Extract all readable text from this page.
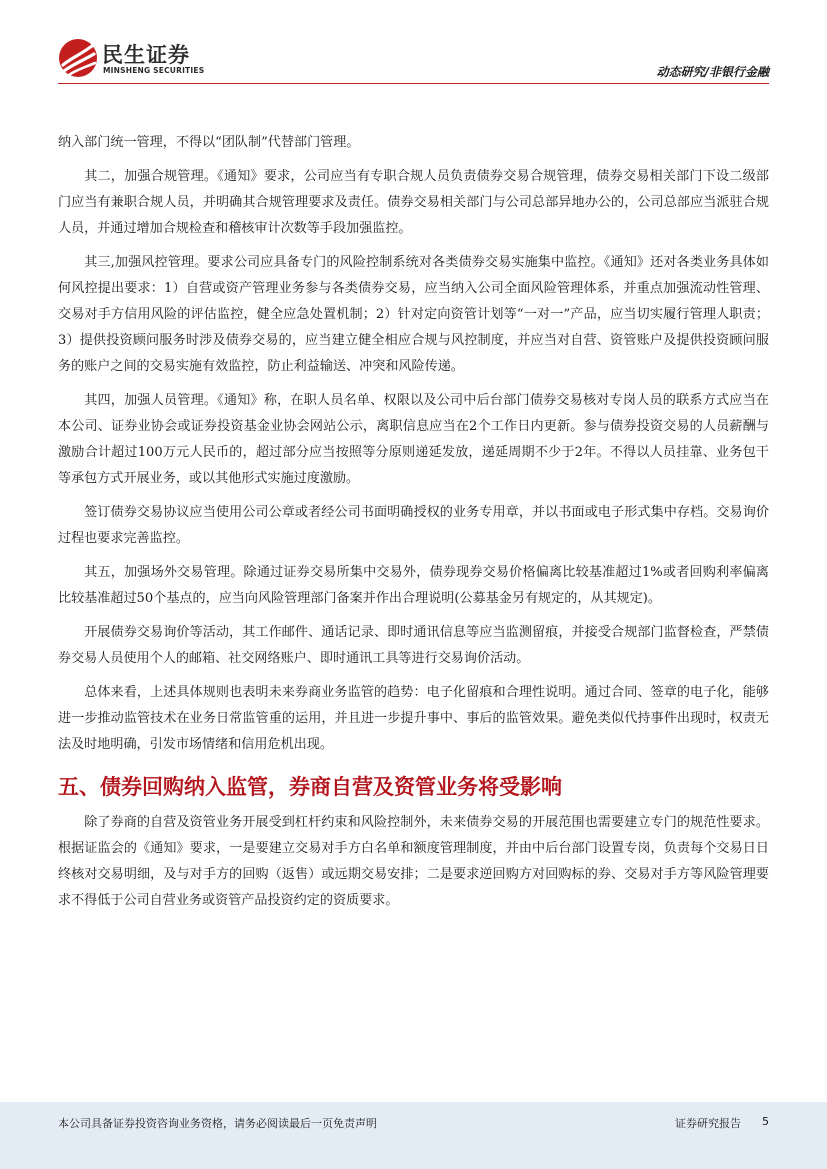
民生证券
MINSHENG SECURITIES	动态研究/非银行金融

纳入部门统一管理，不得以“团队制”代替部门管理。

其二，加强合规管理。《通知》要求，公司应当有专职合规人员负责债券交易合规管理，债券交易相关部门下设二级部门应当有兼职合规人员，并明确其合规管理要求及责任。债券交易相关部门与公司总部异地办公的，公司总部应当派驻合规人员，并通过增加合规检查和稽核审计次数等手段加强监控。

其三,加强风控管理。要求公司应具备专门的风险控制系统对各类债券交易实施集中监控。《通知》还对各类业务具体如何风控提出要求：1）自营或资产管理业务参与各类债券交易，应当纳入公司全面风险管理体系，并重点加强流动性管理、交易对手方信用风险的评估监控，健全应急处置机制；2）针对定向资管计划等“一对一”产品，应当切实履行管理人职责；3）提供投资顾问服务时涉及债券交易的，应当建立健全相应合规与风控制度，并应当对自营、资管账户及提供投资顾问服务的账户之间的交易实施有效监控，防止利益输送、冲突和风险传递。

其四，加强人员管理。《通知》称，在职人员名单、权限以及公司中后台部门债券交易核对专岗人员的联系方式应当在本公司、证券业协会或证券投资基金业协会网站公示，离职信息应当在2个工作日内更新。参与债券投资交易的人员薪酬与激励合计超过100万元人民币的，超过部分应当按照等分原则递延发放，递延周期不少于2年。不得以人员挂靠、业务包干等承包方式开展业务，或以其他形式实施过度激励。

签订债券交易协议应当使用公司公章或者经公司书面明确授权的业务专用章，并以书面或电子形式集中存档。交易询价过程也要求完善监控。

其五，加强场外交易管理。除通过证券交易所集中交易外，债券现券交易价格偏离比较基准超过1%或者回购利率偏离比较基准超过50个基点的，应当向风险管理部门备案并作出合理说明(公募基金另有规定的，从其规定)。

开展债券交易询价等活动，其工作邮件、通话记录、即时通讯信息等应当监测留痕，并接受合规部门监督检查，严禁债券交易人员使用个人的邮箱、社交网络账户、即时通讯工具等进行交易询价活动。

总体来看，上述具体规则也表明未来券商业务监管的趋势：电子化留痕和合理性说明。通过合同、签章的电子化，能够进一步推动监管技术在业务日常监管重的运用，并且进一步提升事中、事后的监管效果。避免类似代持事件出现时，权责无法及时地明确，引发市场情绪和信用危机出现。

五、债券回购纳入监管，券商自营及资管业务将受影响

除了券商的自营及资管业务开展受到杠杆约束和风险控制外，未来债券交易的开展范围也需要建立专门的规范性要求。根据证监会的《通知》要求，一是要建立交易对手方白名单和额度管理制度，并由中后台部门设置专岗，负责每个交易日日终核对交易明细，及与对手方的回购（返售）或远期交易安排；二是要求逆回购方对回购标的券、交易对手方等风险管理要求不得低于公司自营业务或资管产品投资约定的资质要求。

本公司具备证券投资咨询业务资格，请务必阅读最后一页免责声明	证券研究报告 5
